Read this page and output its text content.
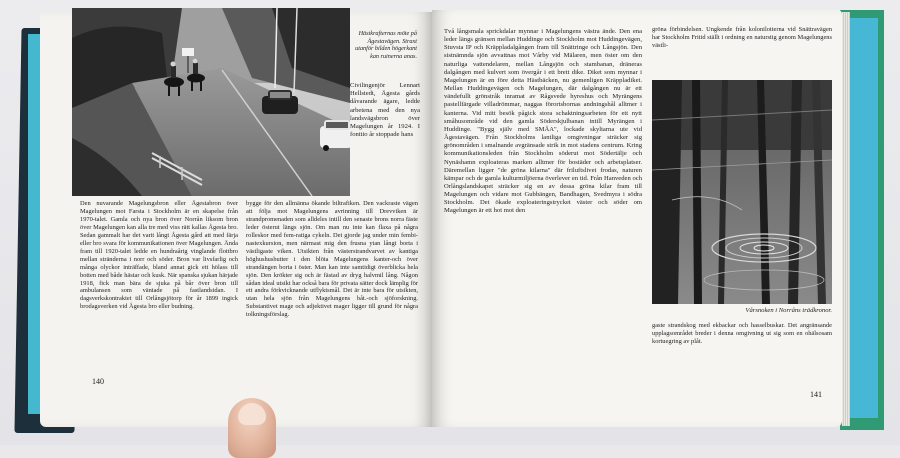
Hästkrafternas möte på Ågestavägen. Straxt utanför bilden högerkant kan ruinerna anas.
Civilingenjör Lennart Hellstedt, Ägesta gårds dåvarande ägare, ledde arbetena med den nya landsvägsbron över Magelungen år 1924. I fonttio år stoppade hans
Den nuvarande Magelungsbron eller Ägestabron över Magelungen mot Farsta i Stockholm är en skapelse från 1970-talet. Gamla och nya bron över Norrån liksom bron över Magelungen kan alla tre med viss rätt kallas Ågesta bro. Sedan gammalt har det varit långt Ågesta gård att med färja eller bro svara för kommunikationen över Magelungen. Ända fram till 1920-talet ledde en hundraårig vinglande flottbro mellan stränderna i norr och söder. Bron var livsfarlig och många olyckor inträffade, bland annat gick ett hölass till botten med både hästar och kusk. När spanska sjukan härjade 1918, fick man bära de sjuka på bår över bron till ambulansen som väntade på fastlandsidan. I dagsverkskontraktet till Orlångsjötorp för år 1899 ingick brodagsverken vid Ågesta bro eller budning.
bygge för den allmänna ökande biltrafiken. Den vackraste vägen att följa mot Magelungens avrinning till Drevviken är strandpromenaden som alldeles intill den senaste brons norra fäste leder österut längs sjön. Om man nu inte kan flaxa på några rolleskor med fem-ratiga cykeln. Det gjorde jag under min fembi-nastexkursion, men närmast mig den frusna ytan långt borta i västligaste viken. Utsikten från västerstrandvarvet av kantiga höghushusbutter i den blöta Magelungens kanter-och över strandängen borta i öster. Man kan inte samtidigt överblicka hela sjön. Den krökter sig och är fästad av dryg halvmil lång. Någon sådan ideal utsikt har också bara för privata sätter dock lämplig för ett andra förkvicknande utflyktsmål. Det är inte bara för utsikten, utan hela sjön från Magelungens båt.-och sjöforskning. Substantivet mage och adjektivet mager ligger till grund för några tolkningsförslag.
140
Två långsmala sprickdalar mynnar i Magelungens västra ände. Den ena leder längs gränsen mellan Huddinge och Stockholm mot Huddingevägen, Stuvsta IP och Kräppladalgången fram till Snättringe och Långsjön. Den sistnämnda sjön avvattnas mot Vårby vid Mälaren, men öster om den naturliga vattendelaren, mellan Långsjön och stambanan, dräneras dalgången med kulvert som övergår i ett brett dike. Diket som mynnar i Magelungen är en före detta Hästbäcken, nu gemenligen Kräppladiket. Mellan Huddingevägen och Magelungen, där dalgången nu är ett vändefullt grönstråk inramat av Rågsvede hyreshus och Myrängens pastellfärgade villadrömmar, naggas förortsbornas andningshål alltmer i kanterna. Vid mitt besök pågick stora schaktningsarbeten för ett nytt småhusområde vid den gamla Söderskjulbanan intill Myrängen i Huddinge. "Bygg själv med SMÅA", lockade skyltarna ute vid Ågestavägen. Från Stockholms lantliga omgivningar sträcker sig grönområden i smalnande avgränsade strik in mot stadens centrum. Kring kommunikationsleden från Stockholm söderut mot Södertälje och Nynäshamn exploateras marken alltmer för bostäder och arbetsplatser. Däremellan ligger "de gröna kilarna" där friluftslivet frodas, naturen kämpar och de gamla kulturmiljöerna överlever en tid. Från Hanveden och Orlångslandskapet sträcker sig en av dessa gröna kilar fram till Magelungen och vidare mot Gubbängen, Bandhagen, Svedmyra i södra Stockholm. Det ökade exploateringstrycket väster och söder om Magelungen är ett hot mot den
gröna förbindelsen. Ungkende från kolonilotterna vid Snättravägen har Stockholm Fritid ställt i ordning en naturstig genom Magelungens västli-
Vårsnoken i Norråns trädkronor.
gaste strandskog med ekbackar och hasselbuskar. Det angränsande upplagsområdet breder i denna omgivning ut sig som en ohälsosam kortuegring av plåt.
141
